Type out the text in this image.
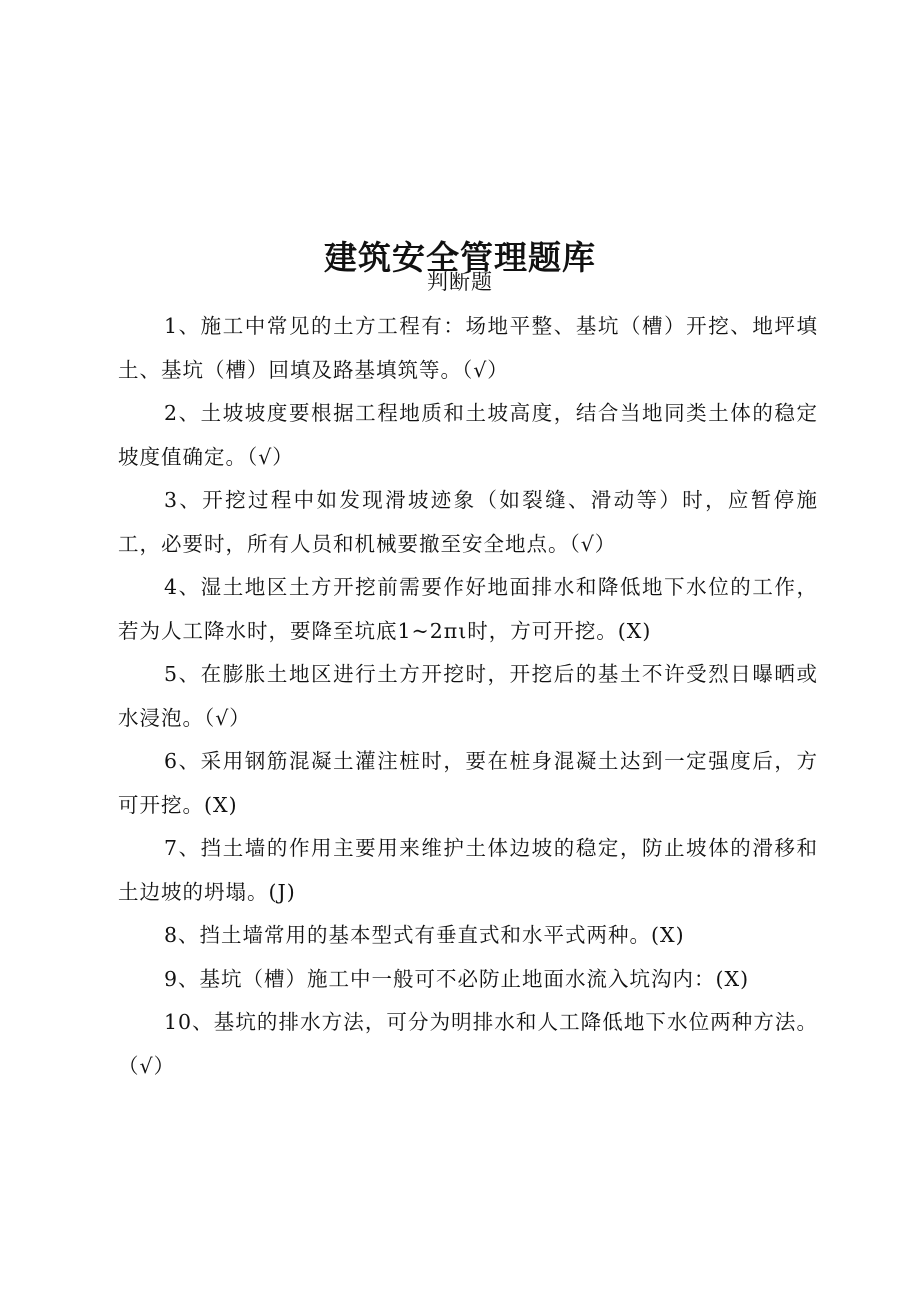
建筑安全管理题库
判断题
1、施工中常见的土方工程有：场地平整、基坑（槽）开挖、地坪填土、基坑（槽）回填及路基填筑等。（√）
2、土坡坡度要根据工程地质和土坡高度，结合当地同类土体的稳定坡度值确定。（√）
3、开挖过程中如发现滑坡迹象（如裂缝、滑动等）时，应暂停施工，必要时，所有人员和机械要撤至安全地点。（√）
4、湿土地区土方开挖前需要作好地面排水和降低地下水位的工作，若为人工降水时，要降至坑底1~2πι时，方可开挖。(X)
5、在膨胀土地区进行土方开挖时，开挖后的基土不许受烈日曝晒或水浸泡。（√）
6、采用钢筋混凝土灌注桩时，要在桩身混凝土达到一定强度后，方可开挖。(X)
7、挡土墙的作用主要用来维护土体边坡的稳定，防止坡体的滑移和土边坡的坍塌。(J)
8、挡土墙常用的基本型式有垂直式和水平式两种。(X)
9、基坑（槽）施工中一般可不必防止地面水流入坑沟内：(X)
10、基坑的排水方法，可分为明排水和人工降低地下水位两种方法。（√）
